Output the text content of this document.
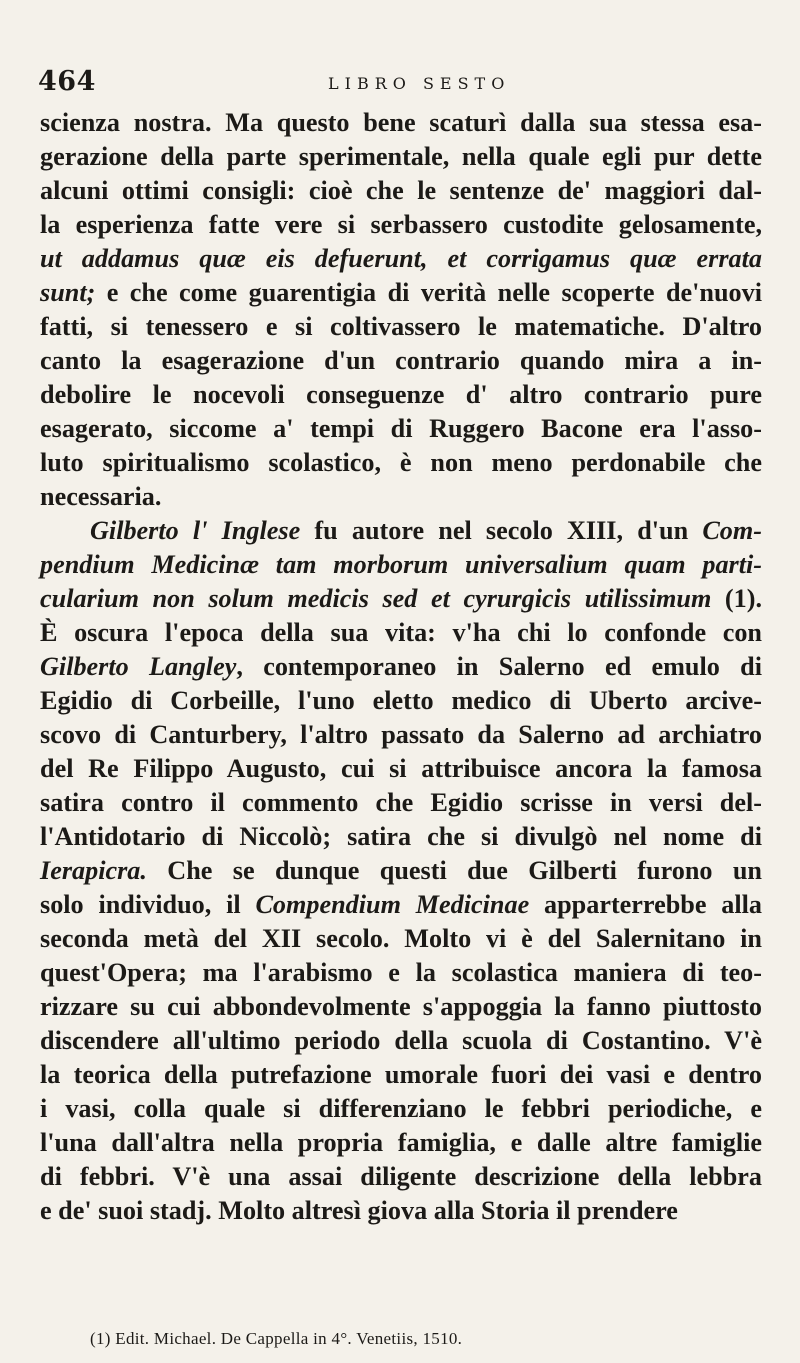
464	LIBRO SESTO
scienza nostra. Ma questo bene scaturì dalla sua stessa esa-
gerazione della parte sperimentale, nella quale egli pur dette
alcuni ottimi consigli: cioè che le sentenze de' maggiori dal-
la esperienza fatte vere si serbassero custodite gelosamente,
ut addamus quæ eis defuerunt, et corrigamus quæ errata
sunt; e che come guarentigia di verità nelle scoperte de'nuovi
fatti, si tenessero e si coltivassero le matematiche. D'altro
canto la esagerazione d'un contrario quando mira a in-
debolire le nocevoli conseguenze d' altro contrario pure
esagerato, siccome a' tempi di Ruggero Bacone era l'asso-
luto spiritualismo scolastico, è non meno perdonabile che
necessaria.
Gilberto l' Inglese fu autore nel secolo XIII, d'un Com-
pendium Medicinæ tam morborum universalium quam parti-
cularium non solum medicis sed et cyrurgicis utilissimum (1).
È oscura l'epoca della sua vita: v'ha chi lo confonde con
Gilberto Langley, contemporaneo in Salerno ed emulo di
Egidio di Corbeille, l'uno eletto medico di Uberto arcive-
scovo di Canturbery, l'altro passato da Salerno ad archiatro
del Re Filippo Augusto, cui si attribuisce ancora la famosa
satira contro il commento che Egidio scrisse in versi del-
l'Antidotario di Niccolò; satira che si divulgò nel nome di
Ierapicra. Che se dunque questi due Gilberti furono un
solo individuo, il Compendium Medicinae apparterrebbe alla
seconda metà del XII secolo. Molto vi è del Salernitano in
quest'Opera; ma l'arabismo e la scolastica maniera di teo-
rizzare su cui abbondevolmente s'appoggia la fanno piuttosto
discendere all'ultimo periodo della scuola di Costantino. V'è
la teorica della putrefazione umorale fuori dei vasi e dentro
i vasi, colla quale si differenziano le febbri periodiche, e
l'una dall'altra nella propria famiglia, e dalle altre famiglie
di febbri. V'è una assai diligente descrizione della lebbra
e de' suoi stadj. Molto altresì giova alla Storia il prendere
(1) Edit. Michael. De Cappella in 4°. Venetiis, 1510.
